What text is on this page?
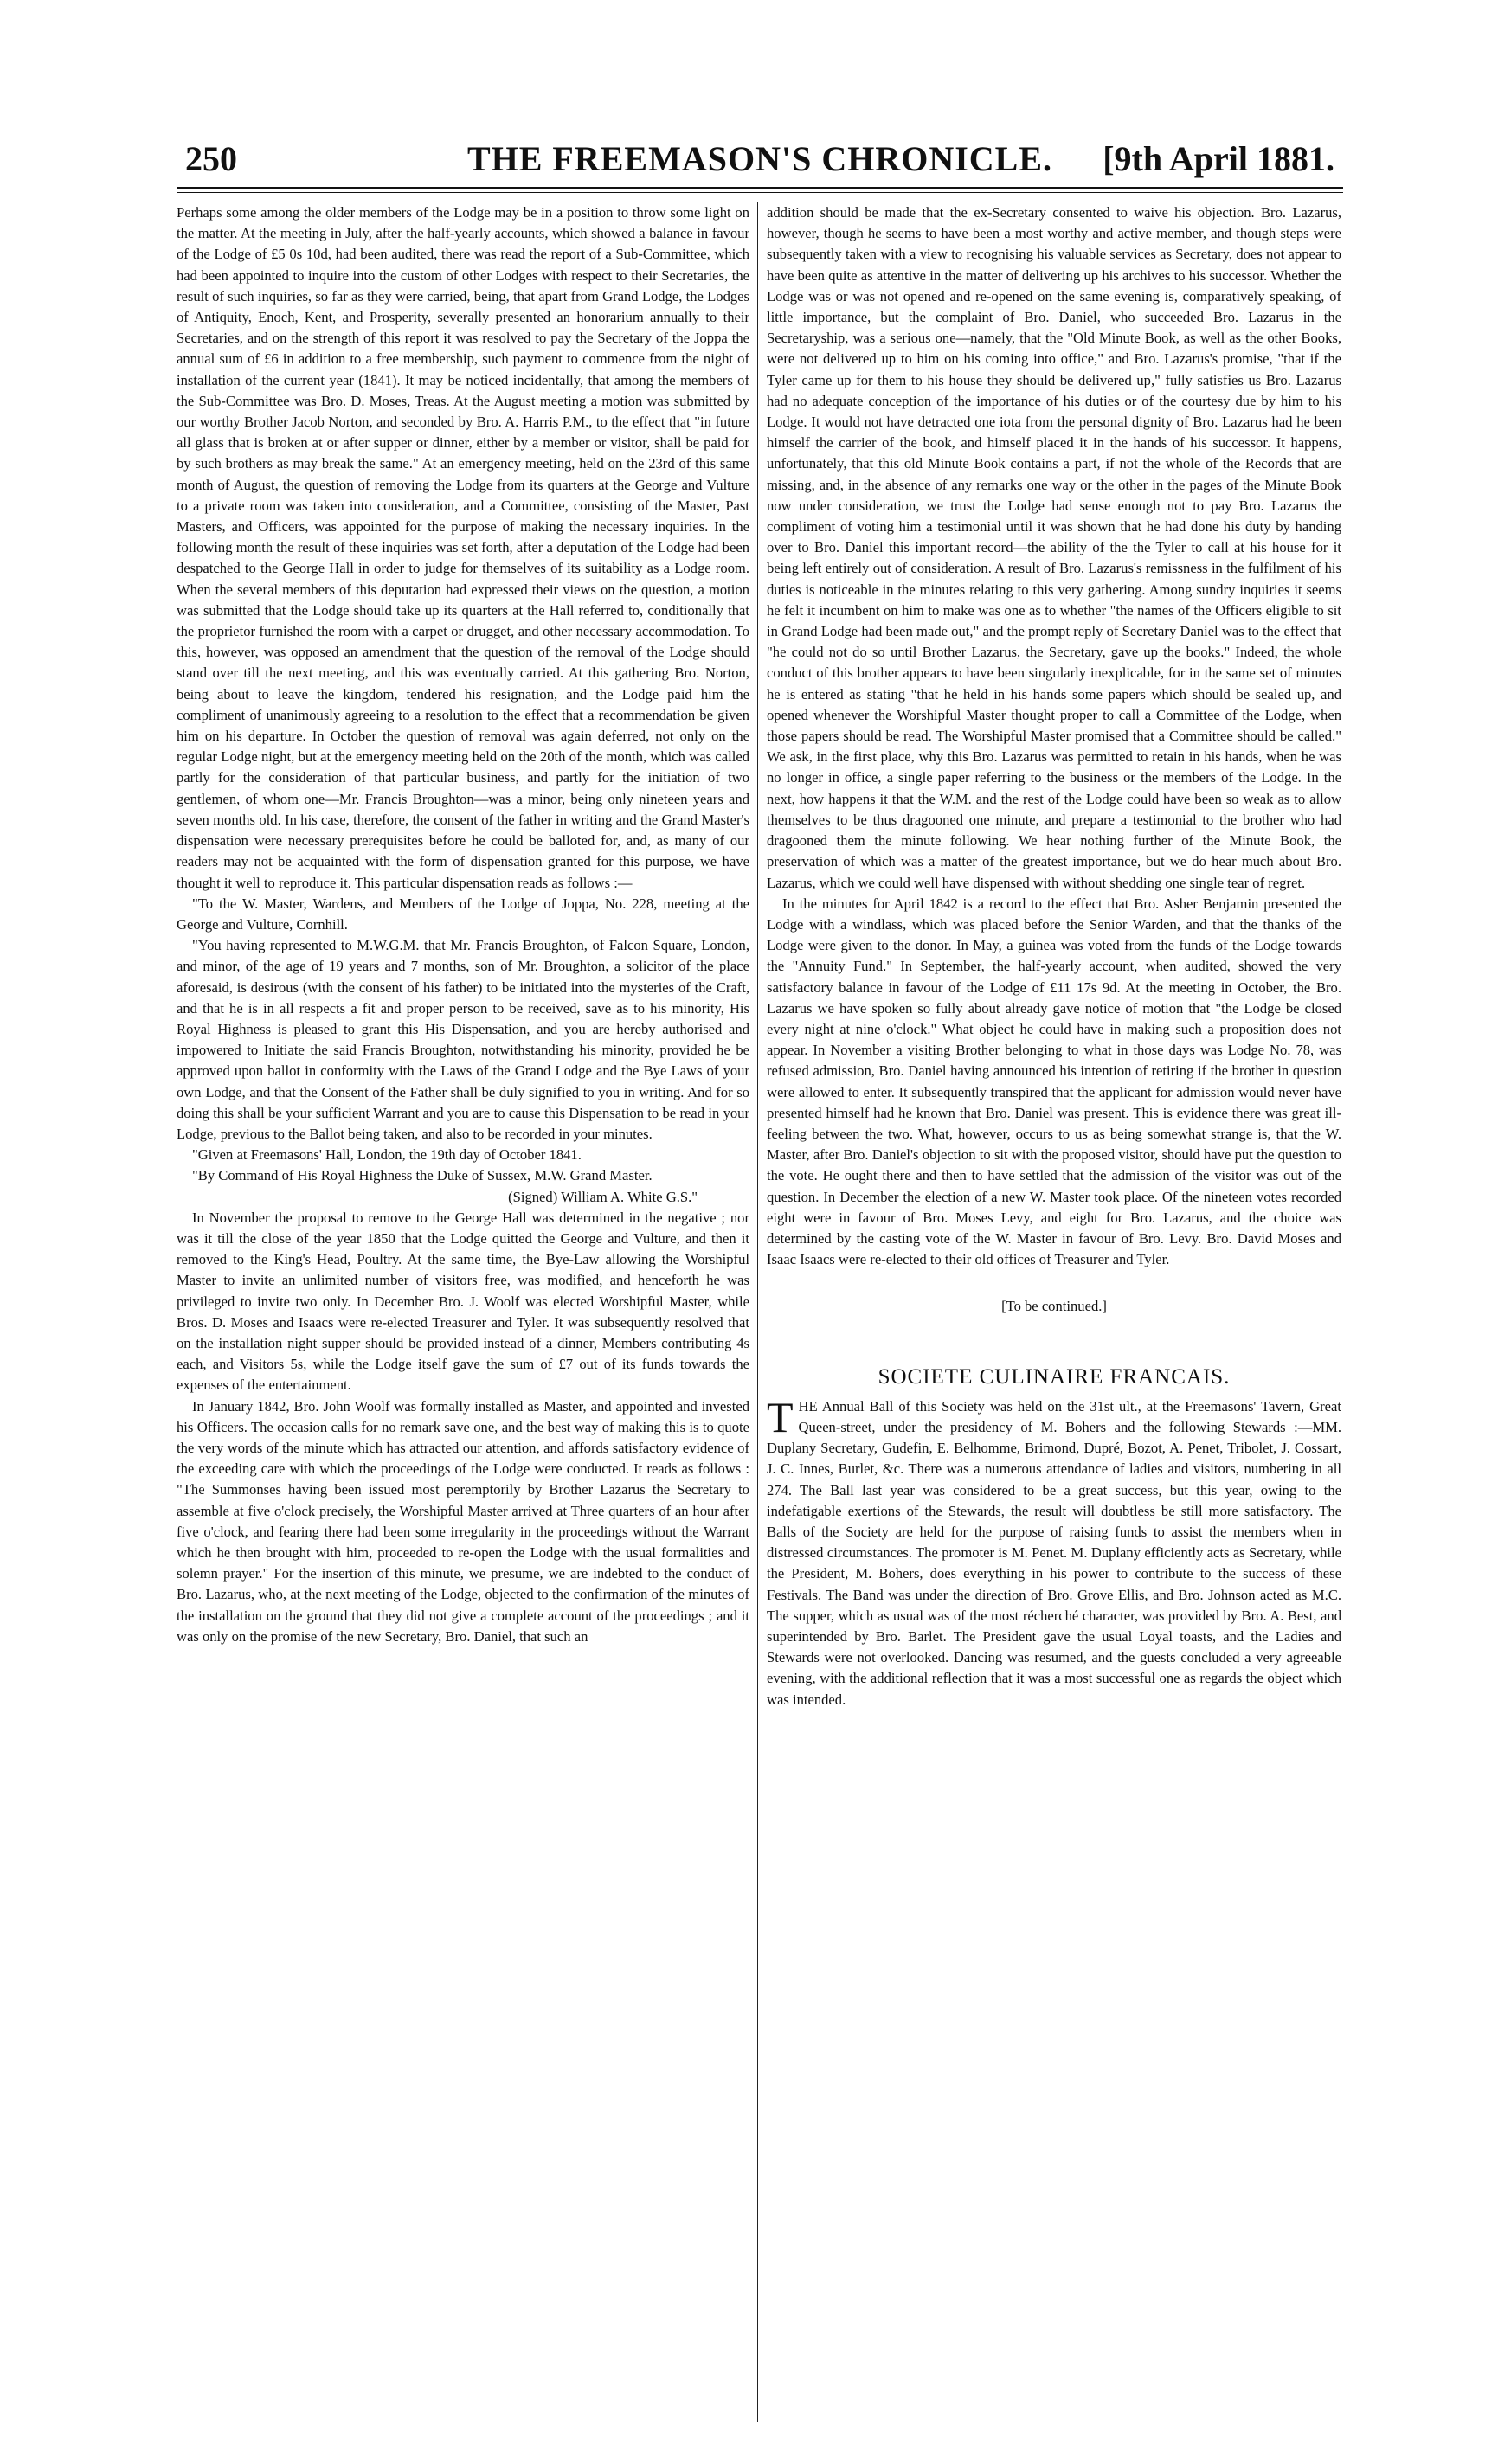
250	THE FREEMASON'S CHRONICLE.	[9th April 1881.

Perhaps some among the older members of the Lodge may be in a position to throw some light on the matter. At the meeting in July, after the half-yearly accounts, which showed a balance in favour of the Lodge of £5 0s 10d, had been audited, there was read the report of a Sub-Committee, which had been appointed to inquire into the custom of other Lodges with respect to their Secretaries, the result of such inquiries, so far as they were carried, being, that apart from Grand Lodge, the Lodges of Antiquity, Enoch, Kent, and Prosperity, severally presented an honorarium annually to their Secretaries, and on the strength of this report it was resolved to pay the Secretary of the Joppa the annual sum of £6 in addition to a free membership, such payment to commence from the night of installation of the current year (1841). It may be noticed incidentally, that among the members of the Sub-Committee was Bro. D. Moses, Treas. At the August meeting a motion was submitted by our worthy Brother Jacob Norton, and seconded by Bro. A. Harris P.M., to the effect that "in future all glass that is broken at or after supper or dinner, either by a member or visitor, shall be paid for by such brothers as may break the same." At an emergency meeting, held on the 23rd of this same month of August, the question of removing the Lodge from its quarters at the George and Vulture to a private room was taken into consideration, and a Committee, consisting of the Master, Past Masters, and Officers, was appointed for the purpose of making the necessary inquiries. In the following month the result of these inquiries was set forth, after a deputation of the Lodge had been despatched to the George Hall in order to judge for themselves of its suitability as a Lodge room. When the several members of this deputation had expressed their views on the question, a motion was submitted that the Lodge should take up its quarters at the Hall referred to, conditionally that the proprietor furnished the room with a carpet or drugget, and other necessary accommodation. To this, however, was opposed an amendment that the question of the removal of the Lodge should stand over till the next meeting, and this was eventually carried. At this gathering Bro. Norton, being about to leave the kingdom, tendered his resignation, and the Lodge paid him the compliment of unanimously agreeing to a resolution to the effect that a recommendation be given him on his departure. In October the question of removal was again deferred, not only on the regular Lodge night, but at the emergency meeting held on the 20th of the month, which was called partly for the consideration of that particular business, and partly for the initiation of two gentlemen, of whom one—Mr. Francis Broughton—was a minor, being only nineteen years and seven months old. In his case, therefore, the consent of the father in writing and the Grand Master's dispensation were necessary prerequisites before he could be balloted for, and, as many of our readers may not be acquainted with the form of dispensation granted for this purpose, we have thought it well to reproduce it. This particular dispensation reads as follows :—

"To the W. Master, Wardens, and Members of the Lodge of Joppa, No. 228, meeting at the George and Vulture, Cornhill.

"You having represented to M.W.G.M. that Mr. Francis Broughton, of Falcon Square, London, and minor, of the age of 19 years and 7 months, son of Mr. Broughton, a solicitor of the place aforesaid, is desirous (with the consent of his father) to be initiated into the mysteries of the Craft, and that he is in all respects a fit and proper person to be received, save as to his minority, His Royal Highness is pleased to grant this His Dispensation, and you are hereby authorised and impowered to Initiate the said Francis Broughton, notwithstanding his minority, provided he be approved upon ballot in conformity with the Laws of the Grand Lodge and the Bye Laws of your own Lodge, and that the Consent of the Father shall be duly signified to you in writing. And for so doing this shall be your sufficient Warrant and you are to cause this Dispensation to be read in your Lodge, previous to the Ballot being taken, and also to be recorded in your minutes.

"Given at Freemasons' Hall, London, the 19th day of October 1841.

"By Command of His Royal Highness the Duke of Sussex, M.W. Grand Master.

(Signed) William A. White G.S."

In November the proposal to remove to the George Hall was determined in the negative ; nor was it till the close of the year 1850 that the Lodge quitted the George and Vulture, and then it removed to the King's Head, Poultry. At the same time, the Bye-Law allowing the Worshipful Master to invite an unlimited number of visitors free, was modified, and henceforth he was privileged to invite two only. In December Bro. J. Woolf was elected Worshipful Master, while Bros. D. Moses and Isaacs were re-elected Treasurer and Tyler. It was subsequently resolved that on the installation night supper should be provided instead of a dinner, Members contributing 4s each, and Visitors 5s, while the Lodge itself gave the sum of £7 out of its funds towards the expenses of the entertainment.

In January 1842, Bro. John Woolf was formally installed as Master, and appointed and invested his Officers. The occasion calls for no remark save one, and the best way of making this is to quote the very words of the minute which has attracted our attention, and affords satisfactory evidence of the exceeding care with which the proceedings of the Lodge were conducted. It reads as follows : "The Summonses having been issued most peremptorily by Brother Lazarus the Secretary to assemble at five o'clock precisely, the Worshipful Master arrived at Three quarters of an hour after five o'clock, and fearing there had been some irregularity in the proceedings without the Warrant which he then brought with him, proceeded to re-open the Lodge with the usual formalities and solemn prayer." For the insertion of this minute, we presume, we are indebted to the conduct of Bro. Lazarus, who, at the next meeting of the Lodge, objected to the confirmation of the minutes of the installation on the ground that they did not give a complete account of the proceedings ; and it was only on the promise of the new Secretary, Bro. Daniel, that such an

addition should be made that the ex-Secretary consented to waive his objection. Bro. Lazarus, however, though he seems to have been a most worthy and active member, and though steps were subsequently taken with a view to recognising his valuable services as Secretary, does not appear to have been quite as attentive in the matter of delivering up his archives to his successor. Whether the Lodge was or was not opened and re-opened on the same evening is, comparatively speaking, of little importance, but the complaint of Bro. Daniel, who succeeded Bro. Lazarus in the Secretaryship, was a serious one—namely, that the "Old Minute Book, as well as the other Books, were not delivered up to him on his coming into office," and Bro. Lazarus's promise, "that if the Tyler came up for them to his house they should be delivered up," fully satisfies us Bro. Lazarus had no adequate conception of the importance of his duties or of the courtesy due by him to his Lodge. It would not have detracted one iota from the personal dignity of Bro. Lazarus had he been himself the carrier of the book, and himself placed it in the hands of his successor. It happens, unfortunately, that this old Minute Book contains a part, if not the whole of the Records that are missing, and, in the absence of any remarks one way or the other in the pages of the Minute Book now under consideration, we trust the Lodge had sense enough not to pay Bro. Lazarus the compliment of voting him a testimonial until it was shown that he had done his duty by handing over to Bro. Daniel this important record—the ability of the the Tyler to call at his house for it being left entirely out of consideration. A result of Bro. Lazarus's remissness in the fulfilment of his duties is noticeable in the minutes relating to this very gathering. Among sundry inquiries it seems he felt it incumbent on him to make was one as to whether "the names of the Officers eligible to sit in Grand Lodge had been made out," and the prompt reply of Secretary Daniel was to the effect that "he could not do so until Brother Lazarus, the Secretary, gave up the books." Indeed, the whole conduct of this brother appears to have been singularly inexplicable, for in the same set of minutes he is entered as stating "that he held in his hands some papers which should be sealed up, and opened whenever the Worshipful Master thought proper to call a Committee of the Lodge, when those papers should be read. The Worshipful Master promised that a Committee should be called." We ask, in the first place, why this Bro. Lazarus was permitted to retain in his hands, when he was no longer in office, a single paper referring to the business or the members of the Lodge. In the next, how happens it that the W.M. and the rest of the Lodge could have been so weak as to allow themselves to be thus dragooned one minute, and prepare a testimonial to the brother who had dragooned them the minute following. We hear nothing further of the Minute Book, the preservation of which was a matter of the greatest importance, but we do hear much about Bro. Lazarus, which we could well have dispensed with without shedding one single tear of regret.

In the minutes for April 1842 is a record to the effect that Bro. Asher Benjamin presented the Lodge with a windlass, which was placed before the Senior Warden, and that the thanks of the Lodge were given to the donor. In May, a guinea was voted from the funds of the Lodge towards the "Annuity Fund." In September, the half-yearly account, when audited, showed the very satisfactory balance in favour of the Lodge of £11 17s 9d. At the meeting in October, the Bro. Lazarus we have spoken so fully about already gave notice of motion that "the Lodge be closed every night at nine o'clock." What object he could have in making such a proposition does not appear. In November a visiting Brother belonging to what in those days was Lodge No. 78, was refused admission, Bro. Daniel having announced his intention of retiring if the brother in question were allowed to enter. It subsequently transpired that the applicant for admission would never have presented himself had he known that Bro. Daniel was present. This is evidence there was great ill-feeling between the two. What, however, occurs to us as being somewhat strange is, that the W. Master, after Bro. Daniel's objection to sit with the proposed visitor, should have put the question to the vote. He ought there and then to have settled that the admission of the visitor was out of the question. In December the election of a new W. Master took place. Of the nineteen votes recorded eight were in favour of Bro. Moses Levy, and eight for Bro. Lazarus, and the choice was determined by the casting vote of the W. Master in favour of Bro. Levy. Bro. David Moses and Isaac Isaacs were re-elected to their old offices of Treasurer and Tyler.

[To be continued.]

SOCIETE CULINAIRE FRANCAIS.

THE Annual Ball of this Society was held on the 31st ult., at the Freemasons' Tavern, Great Queen-street, under the presidency of M. Bohers and the following Stewards :—MM. Duplany Secretary, Gudefin, E. Belhomme, Brimond, Dupré, Bozot, A. Penet, Tribolet, J. Cossart, J. C. Innes, Burlet, &c. There was a numerous attendance of ladies and visitors, numbering in all 274. The Ball last year was considered to be a great success, but this year, owing to the indefatigable exertions of the Stewards, the result will doubtless be still more satisfactory. The Balls of the Society are held for the purpose of raising funds to assist the members when in distressed circumstances. The promoter is M. Penet. M. Duplany efficiently acts as Secretary, while the President, M. Bohers, does everything in his power to contribute to the success of these Festivals. The Band was under the direction of Bro. Grove Ellis, and Bro. Johnson acted as M.C. The supper, which as usual was of the most récherché character, was provided by Bro. A. Best, and superintended by Bro. Barlet. The President gave the usual Loyal toasts, and the Ladies and Stewards were not overlooked. Dancing was resumed, and the guests concluded a very agreeable evening, with the additional reflection that it was a most successful one as regards the object which was intended.
